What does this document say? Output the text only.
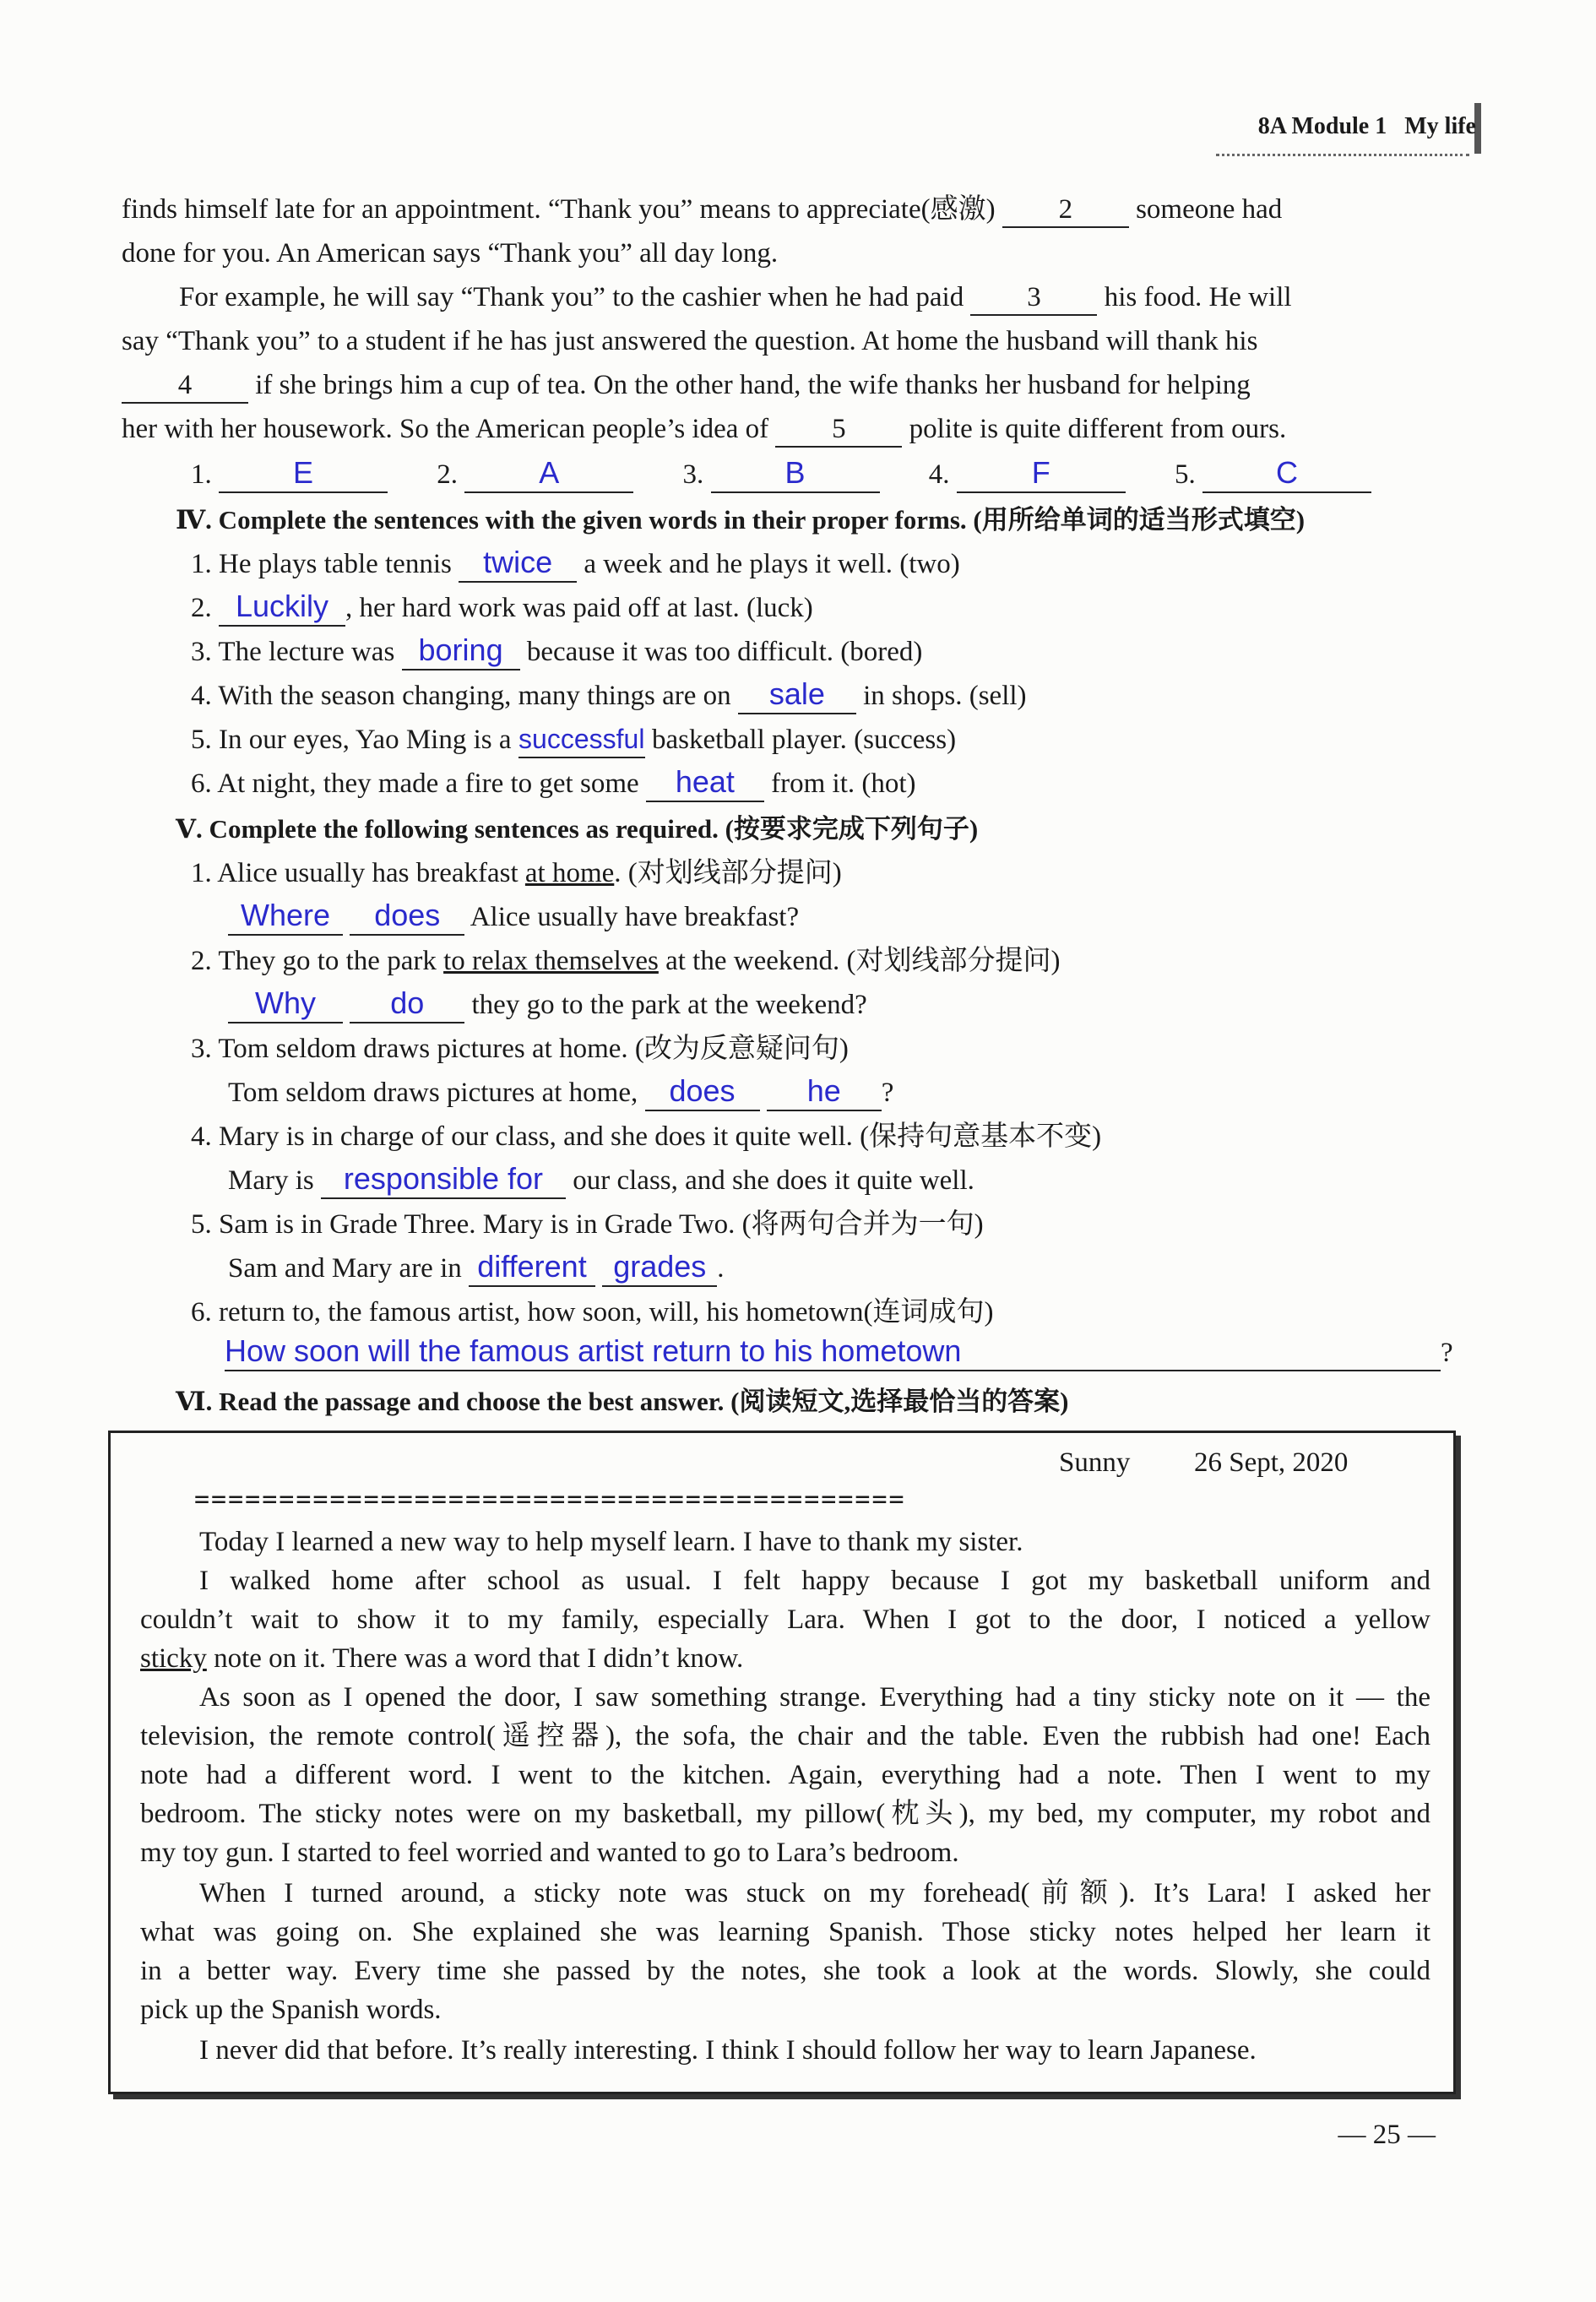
8A Module 1 My life
finds himself late for an appointment. “Thank you” means to appreciate(感激) 2 someone had
done for you. An American says “Thank you” all day long.
For example, he will say “Thank you” to the cashier when he had paid 3 his food. He will
say “Thank you” to a student if he has just answered the question. At home the husband will thank his
4 if she brings him a cup of tea. On the other hand, the wife thanks her husband for helping
her with her housework. So the American people’s idea of 5 polite is quite different from ours.
1.	E	2.	A	3.	B	4.	F	5.	C
Ⅳ. Complete the sentences with the given words in their proper forms. (用所给单词的适当形式填空)
1. He plays table tennis twice a week and he plays it well. (two)
2. Luckily , her hard work was paid off at last. (luck)
3. The lecture was boring because it was too difficult. (bored)
4. With the season changing, many things are on sale in shops. (sell)
5. In our eyes, Yao Ming is a successful basketball player. (success)
6. At night, they made a fire to get some heat from it. (hot)
Ⅴ. Complete the following sentences as required. (按要求完成下列句子)
1. Alice usually has breakfast at home. (对划线部分提问)
Where does Alice usually have breakfast?
2. They go to the park to relax themselves at the weekend. (对划线部分提问)
Why do they go to the park at the weekend?
3. Tom seldom draws pictures at home. (改为反意疑问句)
Tom seldom draws pictures at home, does he ?
4. Mary is in charge of our class, and she does it quite well. (保持句意基本不变)
Mary is responsible for our class, and she does it quite well.
5. Sam is in Grade Three. Mary is in Grade Two. (将两句合并为一句)
Sam and Mary are in different grades .
6. return to, the famous artist, how soon, will, his hometown(连词成句)
How soon will the famous artist return to his hometown	?
Ⅵ. Read the passage and choose the best answer. (阅读短文,选择最恰当的答案)
Sunny 26 Sept, 2020
==========================================
Today I learned a new way to help myself learn. I have to thank my sister.
I walked home after school as usual. I felt happy because I got my basketball uniform and
couldn’t wait to show it to my family, especially Lara. When I got to the door, I noticed a yellow
sticky note on it. There was a word that I didn’t know.
As soon as I opened the door, I saw something strange. Everything had a tiny sticky note on it — the
television, the remote control(遥控器), the sofa, the chair and the table. Even the rubbish had one! Each
note had a different word. I went to the kitchen. Again, everything had a note. Then I went to my
bedroom. The sticky notes were on my basketball, my pillow(枕头), my bed, my computer, my robot and
my toy gun. I started to feel worried and wanted to go to Lara’s bedroom.
When I turned around, a sticky note was stuck on my forehead(前额). It’s Lara! I asked her
what was going on. She explained she was learning Spanish. Those sticky notes helped her learn it
in a better way. Every time she passed by the notes, she took a look at the words. Slowly, she could
pick up the Spanish words.
I never did that before. It’s really interesting. I think I should follow her way to learn Japanese.
— 25 —
